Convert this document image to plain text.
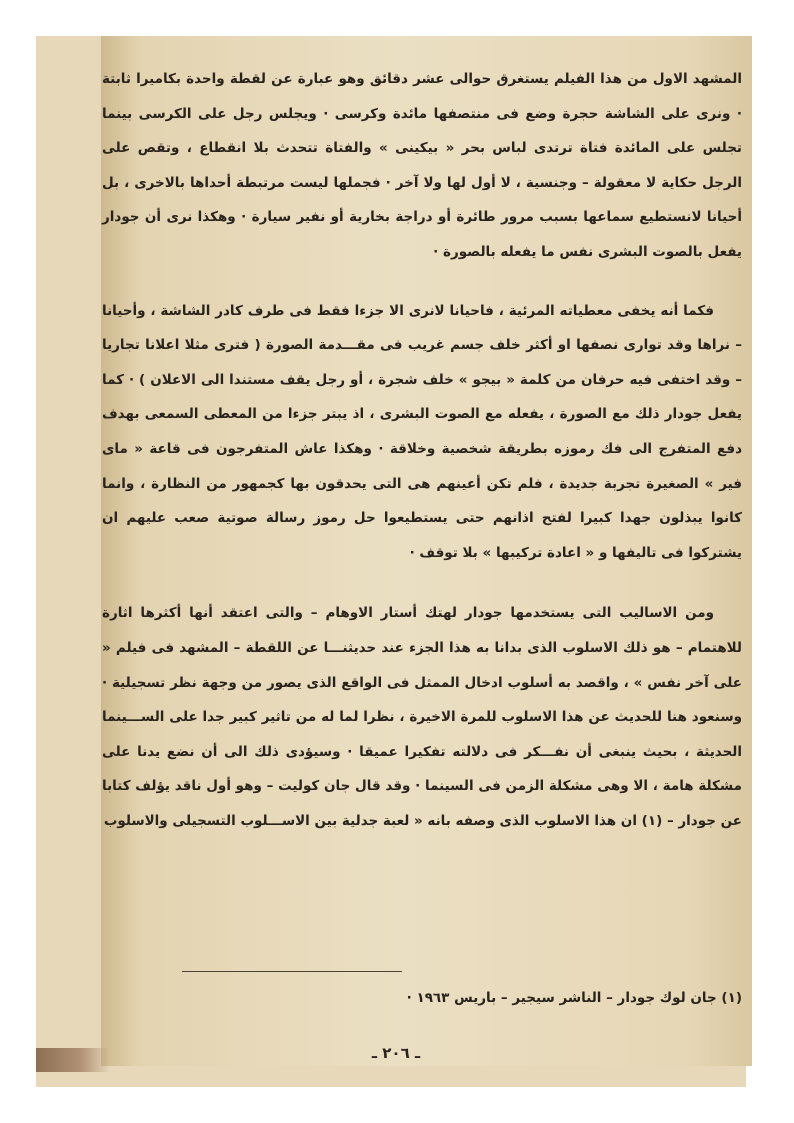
المشهد الاول من هذا الفيلم يستغرق حوالى عشر دقائق وهو عبارة عن لقطة واحدة بكاميرا ثابتة · ونرى على الشاشة حجرة وضع فى منتصفها مائدة وكرسى · ويجلس رجل على الكرسى بينما تجلس على المائدة فتاة ترتدى لباس بحر « بيكينى » والفتاة تتحدث بلا انقطاع ، وتقص على الرجل حكاية لا معقولة – وجنسية ، لا أول لها ولا آخر · فجملها ليست مرتبطة أحداها بالاخرى ، بل أحيانا لانستطيع سماعها بسبب مرور طائرة أو دراجة بخارية أو نفير سيارة · وهكذا نرى أن جودار يفعل بالصوت البشرى نفس ما يفعله بالصورة ·

فكما أنه يخفى معطياته المرئية ، فاحيانا لانرى الا جزءا فقط فى طرف كادر الشاشة ، وأحيانا – نراها وقد توارى نصفها او أكثر خلف جسم غريب فى مقـــدمة الصورة ( فترى مثلا اعلانا تجاريا – وقد اختفى فيه حرفان من كلمة « بيجو » خلف شجرة ، أو رجل يقف مستندا الى الاعلان ) · كما يفعل جودار ذلك مع الصورة ، يفعله مع الصوت البشرى ، اذ يبتر جزءا من المعطى السمعى بهدف دفع المتفرج الى فك رموزه بطريقة شخصية وخلاقة · وهكذا عاش المتفرجون فى قاعة « ماى فير » الصغيرة تجربة جديدة ، فلم تكن أعينهم هى التى يحدقون بها كجمهور من النظارة ، وانما كانوا يبذلون جهدا كبيرا لفتح اذانهم حتى يستطيعوا حل رموز رسالة صوتية صعب عليهم ان يشتركوا فى تاليفها و « اعادة تركيبها » بلا توقف ·

ومن الاساليب التى يستخدمها جودار لهتك أستار الاوهام – والتى اعتقد أنها أكثرها اثارة للاهتمام – هو ذلك الاسلوب الذى بدانا به هذا الجزء عند حديثنـــا عن اللقطة – المشهد فى فيلم « على آخر نفس » ، واقصد به أسلوب ادخال الممثل فى الواقع الذى يصور من وجهة نظر تسجيلية · وسنعود هنا للحديث عن هذا الاسلوب للمرة الاخيرة ، نظرا لما له من تاثير كبير جدا على الســـينما الحديثة ، بحيث ينبغى أن نفـــكر فى دلالته تفكيرا عميقا · وسيؤدى ذلك الى أن نضع يدنا على مشكلة هامة ، الا وهى مشكلة الزمن فى السينما · وقد قال جان كوليت – وهو أول ناقد يؤلف كتابا عن جودار – (١) ان هذا الاسلوب الذى وصفه بانه « لعبة جدلية بين الاســـلوب التسجيلى والاسلوب

(١) جان لوك جودار – الناشر سيجير – باريس ١٩٦٣ ·
ـ ٢٠٦ ـ
